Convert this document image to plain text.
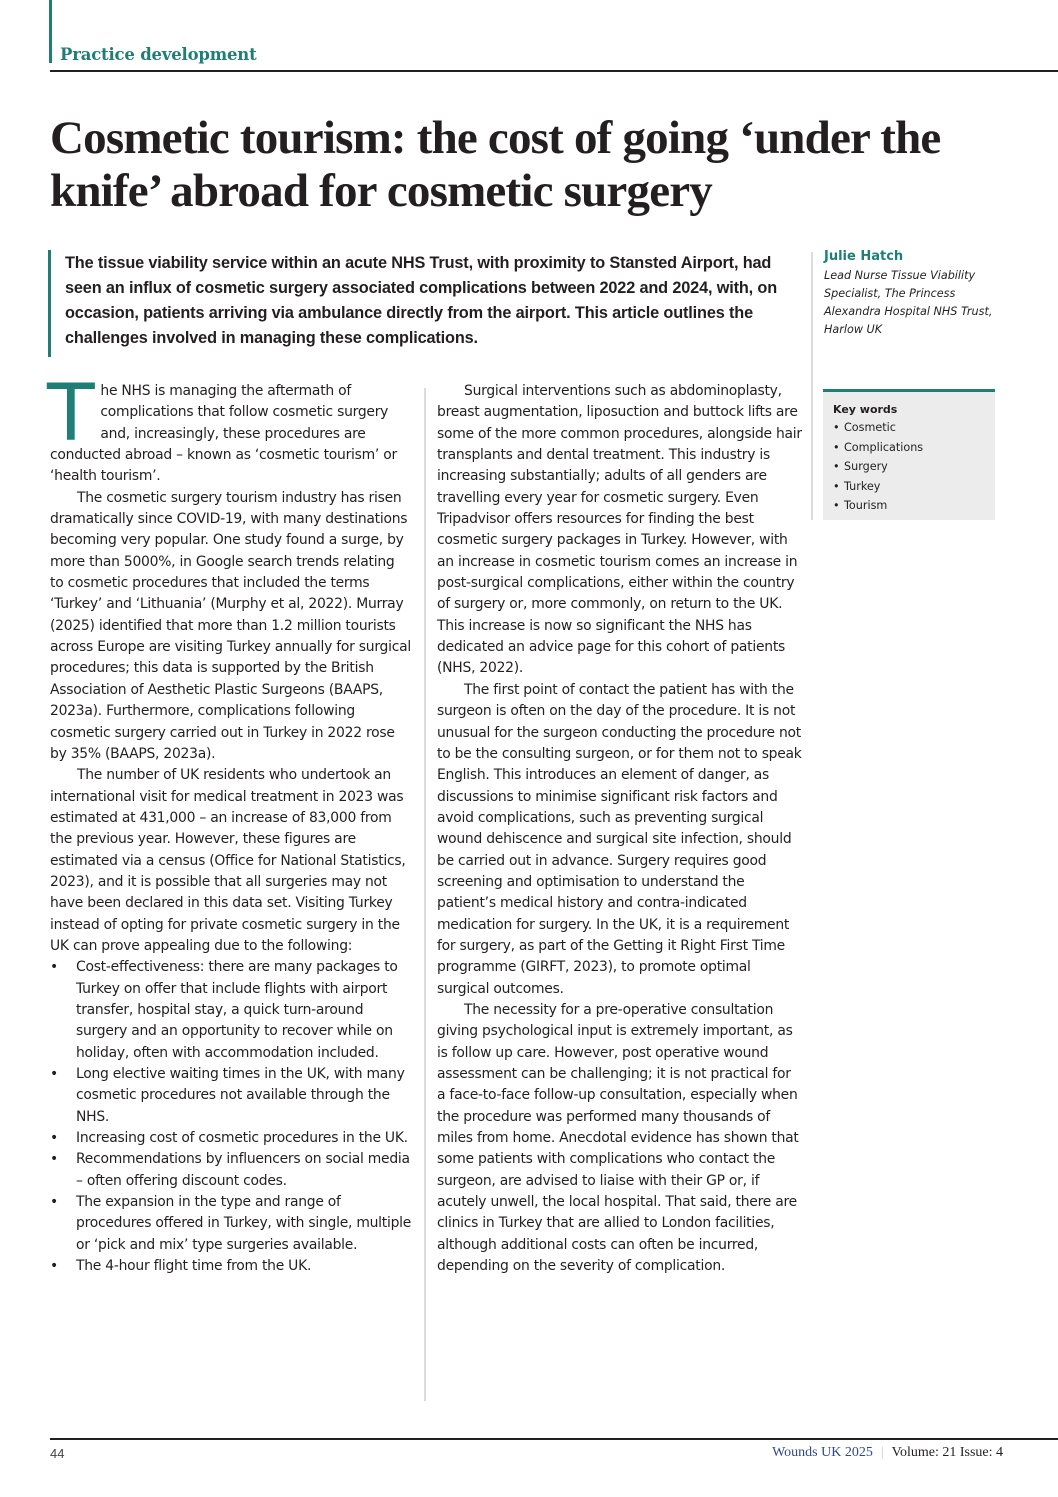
Practice development
Cosmetic tourism: the cost of going ‘under the knife’ abroad for cosmetic surgery

The tissue viability service within an acute NHS Trust, with proximity to Stansted Airport, had seen an influx of cosmetic surgery associated complications between 2022 and 2024, with, on occasion, patients arriving via ambulance directly from the airport. This article outlines the challenges involved in managing these complications.

Julie Hatch
Lead Nurse Tissue Viability Specialist, The Princess Alexandra Hospital NHS Trust, Harlow UK
Key words
• Cosmetic
• Complications
• Surgery
• Turkey
• Tourism

The NHS is managing the aftermath of complications that follow cosmetic surgery and, increasingly, these procedures are conducted abroad – known as ‘cosmetic tourism’ or ‘health tourism’.

The cosmetic surgery tourism industry has risen dramatically since COVID-19, with many destinations becoming very popular. One study found a surge, by more than 5000%, in Google search trends relating to cosmetic procedures that included the terms ‘Turkey’ and ‘Lithuania’ (Murphy et al, 2022). Murray (2025) identified that more than 1.2 million tourists across Europe are visiting Turkey annually for surgical procedures; this data is supported by the British Association of Aesthetic Plastic Surgeons (BAAPS, 2023a). Furthermore, complications following cosmetic surgery carried out in Turkey in 2022 rose by 35% (BAAPS, 2023a).

The number of UK residents who undertook an international visit for medical treatment in 2023 was estimated at 431,000 – an increase of 83,000 from the previous year. However, these figures are estimated via a census (Office for National Statistics, 2023), and it is possible that all surgeries may not have been declared in this data set. Visiting Turkey instead of opting for private cosmetic surgery in the UK can prove appealing due to the following:

• Cost-effectiveness: there are many packages to Turkey on offer that include flights with airport transfer, hospital stay, a quick turn-around surgery and an opportunity to recover while on holiday, often with accommodation included.
• Long elective waiting times in the UK, with many cosmetic procedures not available through the NHS.
• Increasing cost of cosmetic procedures in the UK.
• Recommendations by influencers on social media – often offering discount codes.
• The expansion in the type and range of procedures offered in Turkey, with single, multiple or ‘pick and mix’ type surgeries available.
• The 4-hour flight time from the UK.

Surgical interventions such as abdominoplasty, breast augmentation, liposuction and buttock lifts are some of the more common procedures, alongside hair transplants and dental treatment. This industry is increasing substantially; adults of all genders are travelling every year for cosmetic surgery. Even Tripadvisor offers resources for finding the best cosmetic surgery packages in Turkey. However, with an increase in cosmetic tourism comes an increase in post-surgical complications, either within the country of surgery or, more commonly, on return to the UK. This increase is now so significant the NHS has dedicated an advice page for this cohort of patients (NHS, 2022).

The first point of contact the patient has with the surgeon is often on the day of the procedure. It is not unusual for the surgeon conducting the procedure not to be the consulting surgeon, or for them not to speak English. This introduces an element of danger, as discussions to minimise significant risk factors and avoid complications, such as preventing surgical wound dehiscence and surgical site infection, should be carried out in advance. Surgery requires good screening and optimisation to understand the patient’s medical history and contra-indicated medication for surgery. In the UK, it is a requirement for surgery, as part of the Getting it Right First Time programme (GIRFT, 2023), to promote optimal surgical outcomes.

The necessity for a pre-operative consultation giving psychological input is extremely important, as is follow up care. However, post operative wound assessment can be challenging; it is not practical for a face-to-face follow-up consultation, especially when the procedure was performed many thousands of miles from home. Anecdotal evidence has shown that some patients with complications who contact the surgeon, are advised to liaise with their GP or, if acutely unwell, the local hospital. That said, there are clinics in Turkey that are allied to London facilities, although additional costs can often be incurred, depending on the severity of complication.

44	Wounds UK 2025 | Volume: 21 Issue: 4
